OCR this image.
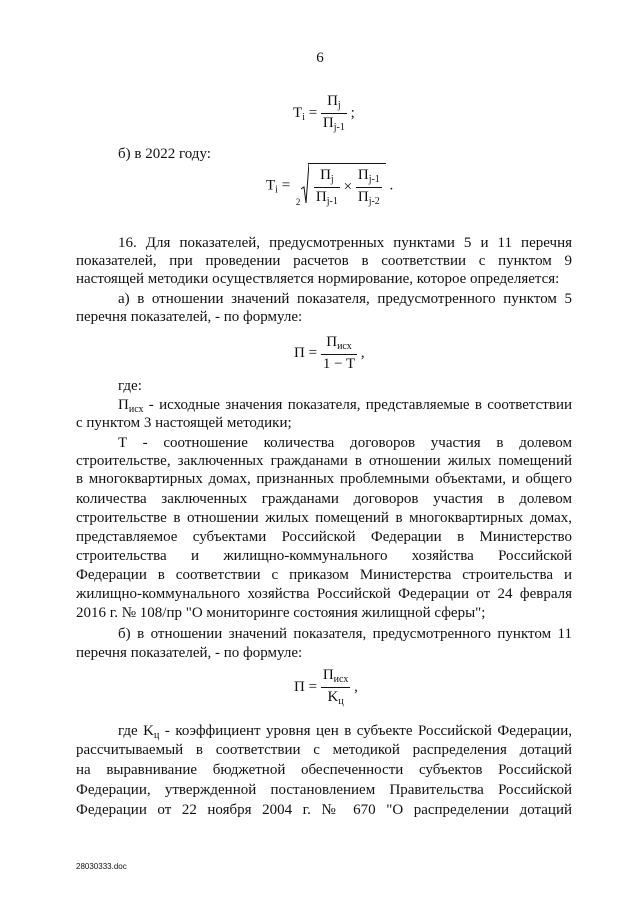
6
$T_i = \frac{П_j}{П_{j-1}}$ ;
б) в 2022 году:
$T_i$ =
$2 \frac{П_j}{П_{j-1}} \times \frac{П_{j-1}}{П_{j-2}}$ .
16. Для показателей, предусмотренных пунктами 5 и 11 перечня
показателей, при проведении расчетов в соответствии с пунктом 9
настоящей методики осуществляется нормирование, которое определяется:
а) в отношении значений показателя, предусмотренного пунктом 5
перечня показателей, - по формуле:
$П = \frac{П_{исх}}{1 - T}$ ,
где:
$П_{исх}$ - исходные значения показателя, представляемые в соответствии
с пунктом 3 настоящей методики;
T - соотношение количества договоров участия в долевом
строительстве, заключенных гражданами в отношении жилых помещений
в многоквартирных домах, признанных проблемными объектами, и общего
количества заключенных гражданами договоров участия в долевом
строительстве в отношении жилых помещений в многоквартирных домах,
представляемое субъектами Российской Федерации в Министерство
строительства и жилищно-коммунального хозяйства Российской
Федерации в соответствии с приказом Министерства строительства и
жилищно-коммунального хозяйства Российской Федерации от 24 февраля
2016 г. № 108/пр "О мониторинге состояния жилищной сферы";
б) в отношении значений показателя, предусмотренного пунктом 11
перечня показателей, - по формуле:
$П = \frac{П_{исх}}{K_ц}$ ,
где $K_ц$ - коэффициент уровня цен в субъекте Российской Федерации,
рассчитываемый в соответствии с методикой распределения дотаций
на выравнивание бюджетной обеспеченности субъектов Российской
Федерации, утвержденной постановлением Правительства Российской
Федерации от 22 ноября 2004 г. № 670 "О распределении дотаций
28030333.doc
